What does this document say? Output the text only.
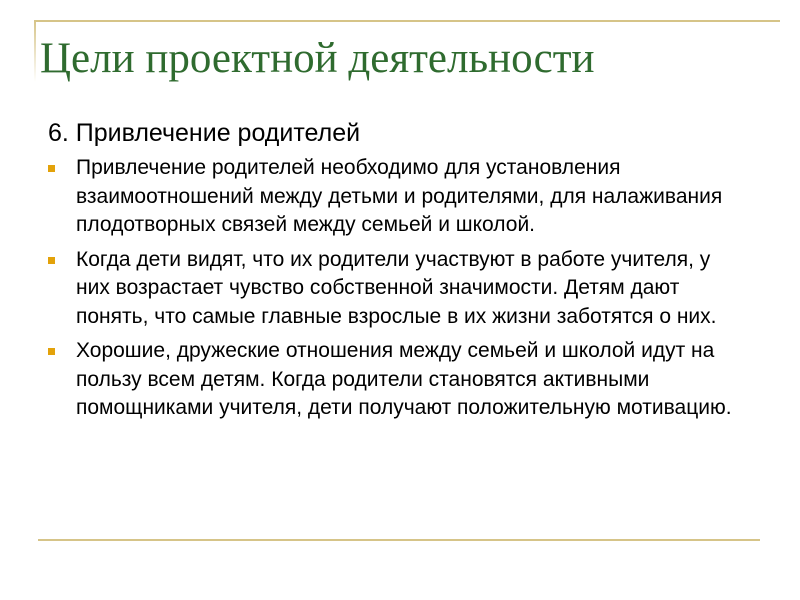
Цели проектной деятельности
6. Привлечение родителей
Привлечение родителей необходимо для установления взаимоотношений между детьми и родителями, для налаживания плодотворных связей между семьей и школой.
Когда дети видят, что их родители участвуют в работе учителя, у них возрастает чувство собственной значимости. Детям дают понять, что самые главные взрослые в их жизни заботятся о них.
Хорошие, дружеские отношения между семьей и школой идут на пользу всем детям. Когда родители становятся активными помощниками учителя, дети получают положительную мотивацию.
